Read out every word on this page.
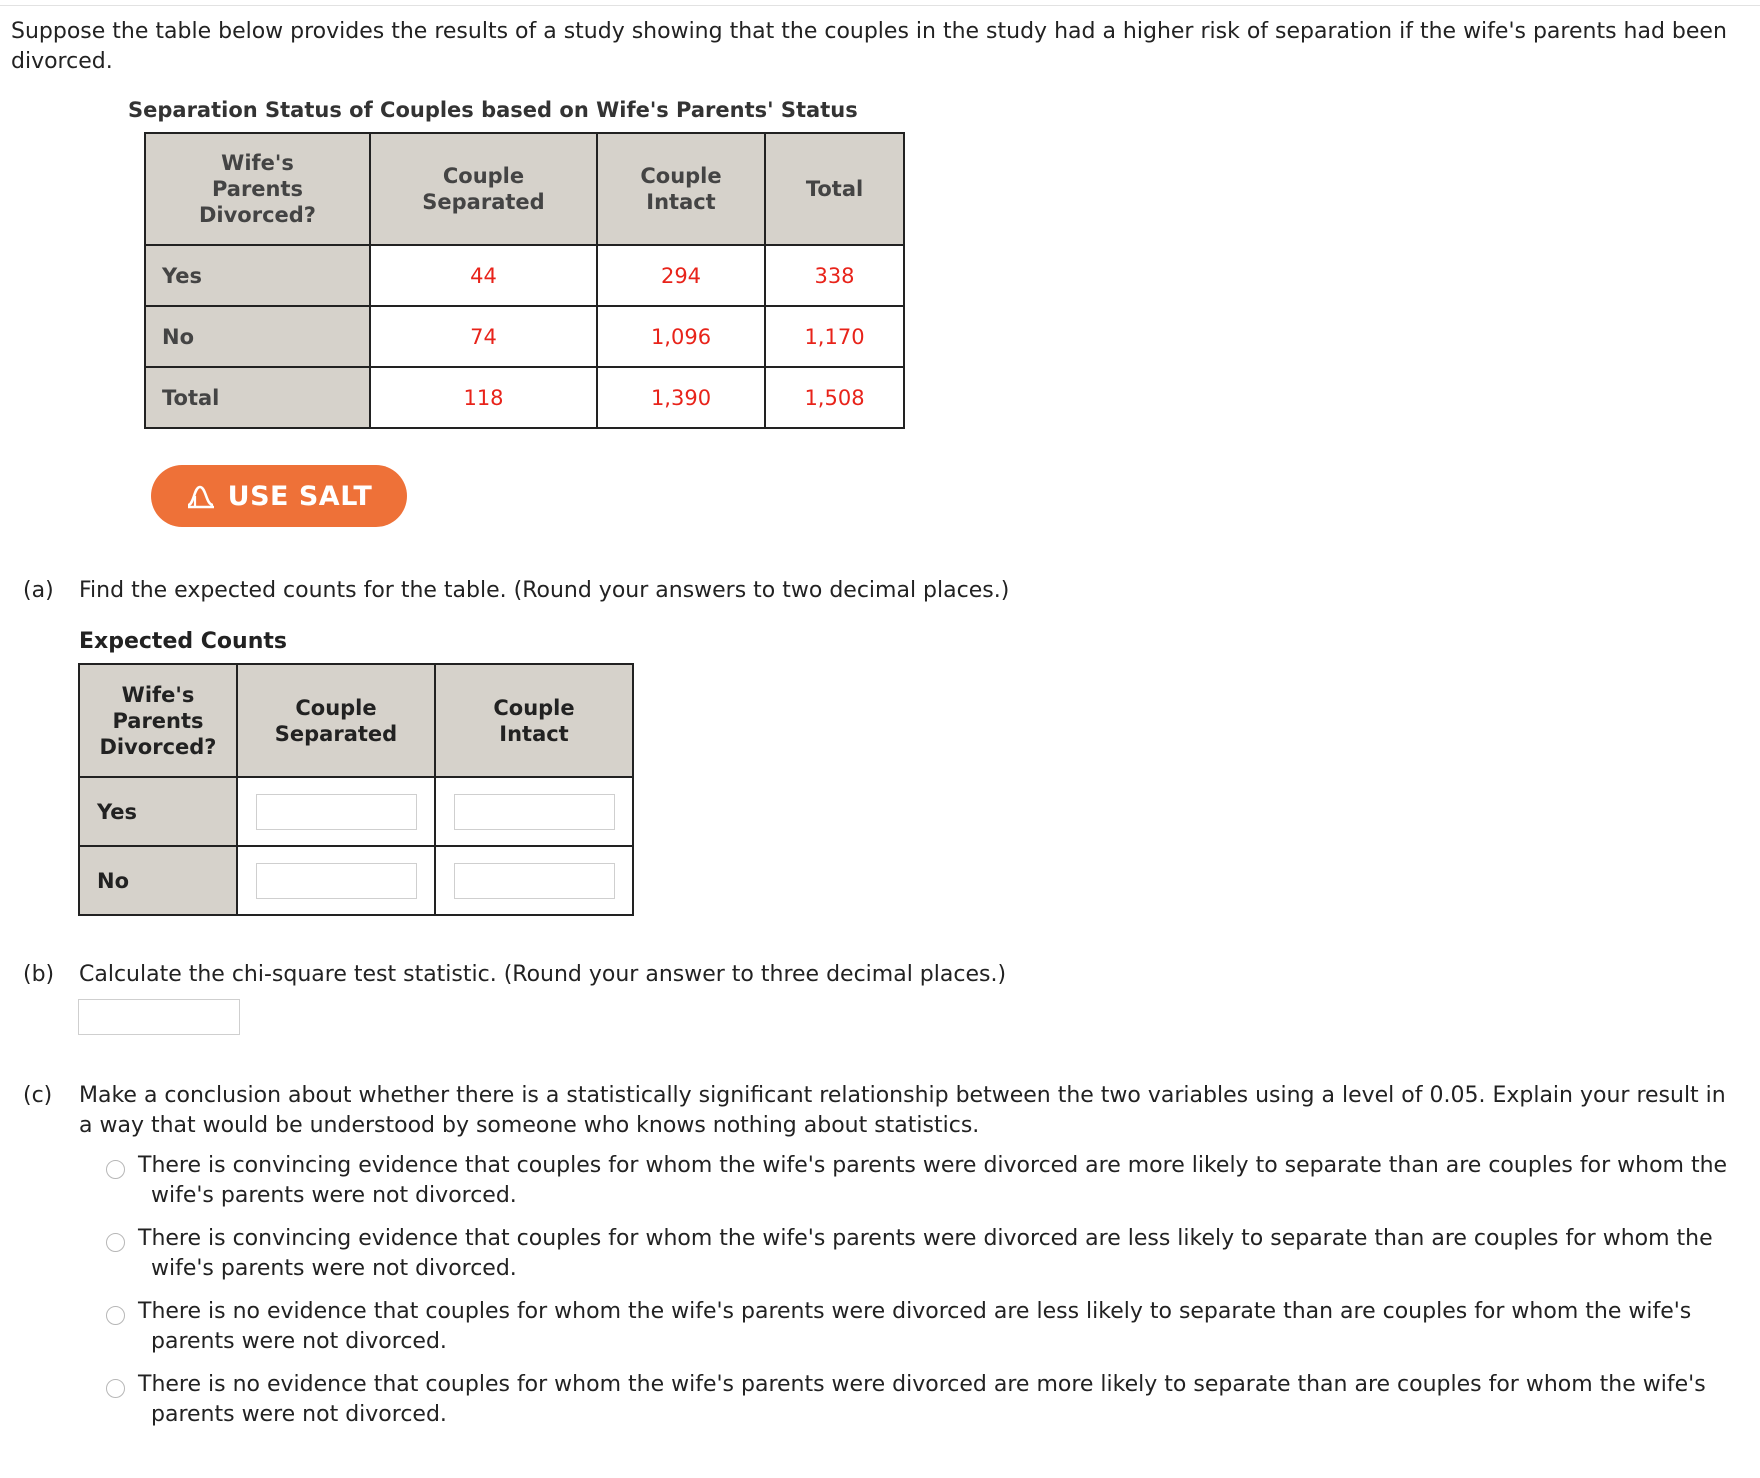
Suppose the table below provides the results of a study showing that the couples in the study had a higher risk of separation if the wife's parents had been divorced.
Separation Status of Couples based on Wife's Parents' Status
Wife's Parents Divorced?	Couple Separated	Couple Intact	Total
Yes	44	294	338
No	74	1,096	1,170
Total	118	1,390	1,508
USE SALT
(a) Find the expected counts for the table. (Round your answers to two decimal places.)
Expected Counts
Wife's Parents Divorced?	Couple Separated	Couple Intact
Yes	

No	

(b) Calculate the chi-square test statistic. (Round your answer to three decimal places.)
(c) Make a conclusion about whether there is a statistically significant relationship between the two variables using a level of 0.05. Explain your result in a way that would be understood by someone who knows nothing about statistics.
There is convincing evidence that couples for whom the wife's parents were divorced are more likely to separate than are couples for whom the
wife's parents were not divorced.
There is convincing evidence that couples for whom the wife's parents were divorced are less likely to separate than are couples for whom the
wife's parents were not divorced.
There is no evidence that couples for whom the wife's parents were divorced are less likely to separate than are couples for whom the wife's
parents were not divorced.
There is no evidence that couples for whom the wife's parents were divorced are more likely to separate than are couples for whom the wife's
parents were not divorced.
